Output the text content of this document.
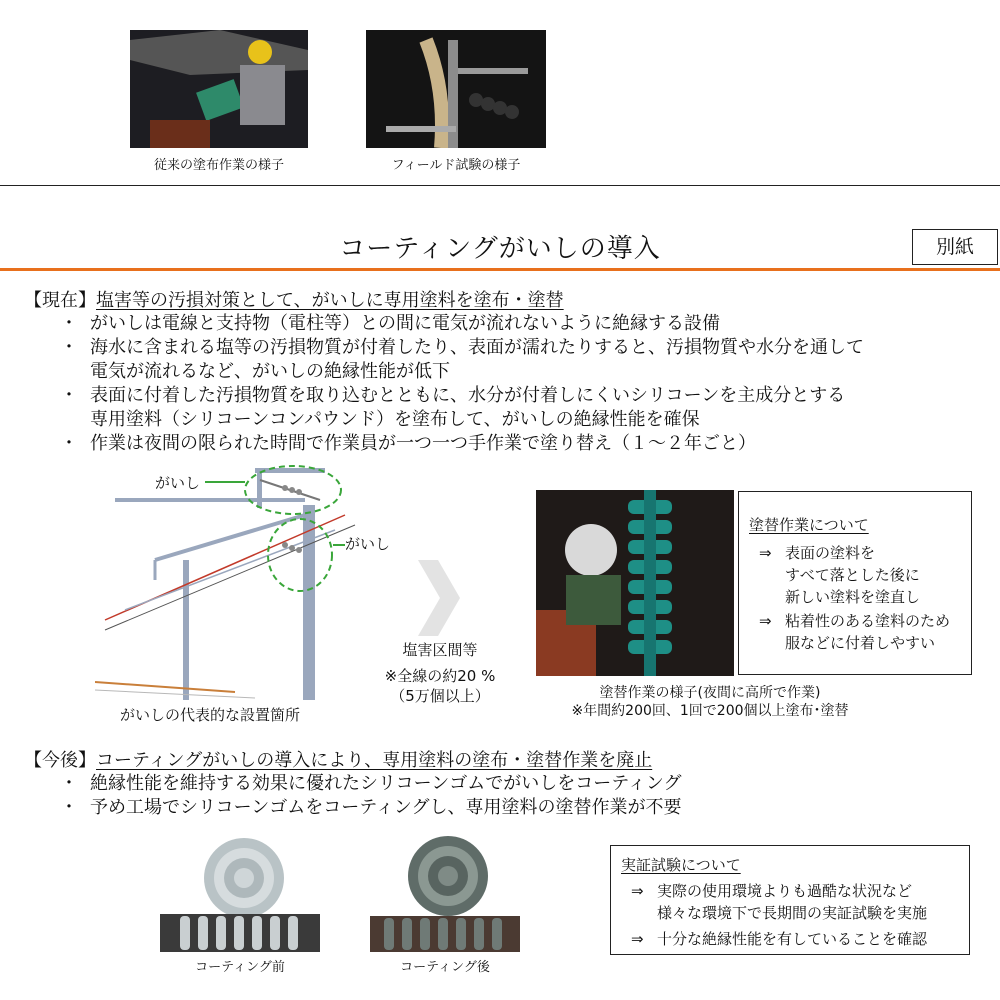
従来の塗布作業の様子	フィールド試験の様子
コーティングがいしの導入	別紙
【現在】塩害等の汚損対策として、がいしに専用塗料を塗布・塗替
・ がいしは電線と支持物（電柱等）との間に電気が流れないように絶縁する設備
・ 海水に含まれる塩等の汚損物質が付着したり、表面が濡れたりすると、汚損物質や水分を通して
電気が流れるなど、がいしの絶縁性能が低下
・ 表面に付着した汚損物質を取り込むとともに、水分が付着しにくいシリコーンを主成分とする
専用塗料（シリコーンコンパウンド）を塗布して、がいしの絶縁性能を確保
・ 作業は夜間の限られた時間で作業員が一つ一つ手作業で塗り替え（１～２年ごと）
がいし
がいし
がいしの代表的な設置箇所
塩害区間等
※全線の約20 %
（5万個以上）	塗替作業の様子(夜間に高所で作業)
※年間約200回、1回で200個以上塗布･塗替
塗替作業について
⇒ 表面の塗料を
すべて落とした後に
新しい塗料を塗直し
⇒ 粘着性のある塗料のため
服などに付着しやすい
【今後】コーティングがいしの導入により、専用塗料の塗布・塗替作業を廃止
・ 絶縁性能を維持する効果に優れたシリコーンゴムでがいしをコーティング
・ 予め工場でシリコーンゴムをコーティングし、専用塗料の塗替作業が不要
コーティング前	コーティング後
実証試験について
⇒ 実際の使用環境よりも過酷な状況など
様々な環境下で長期間の実証試験を実施
⇒ 十分な絶縁性能を有していることを確認
